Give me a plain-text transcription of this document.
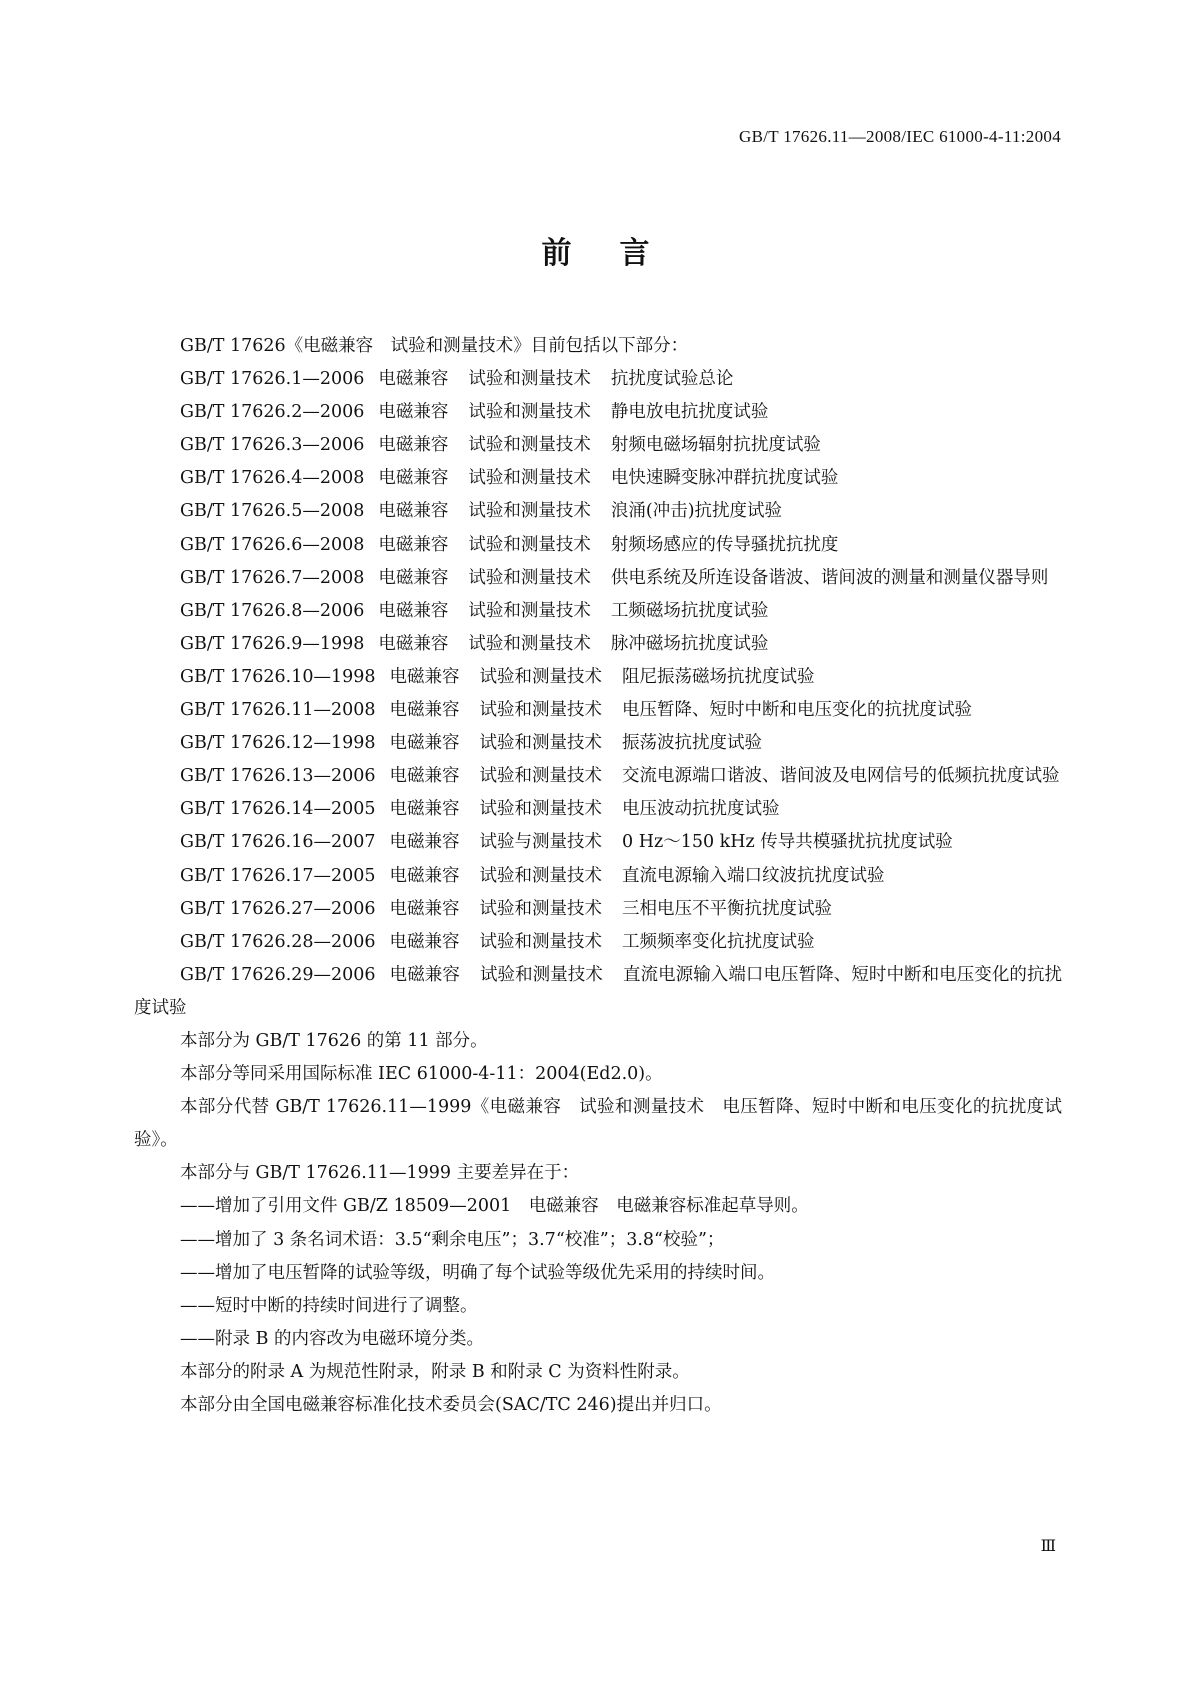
GB/T 17626.11—2008/IEC 61000-4-11:2004
前 言
GB/T 17626《电磁兼容　试验和测量技术》目前包括以下部分：
GB/T 17626.1—2006 电磁兼容 试验和测量技术 抗扰度试验总论
GB/T 17626.2—2006 电磁兼容 试验和测量技术 静电放电抗扰度试验
GB/T 17626.3—2006 电磁兼容 试验和测量技术 射频电磁场辐射抗扰度试验
GB/T 17626.4—2008 电磁兼容 试验和测量技术 电快速瞬变脉冲群抗扰度试验
GB/T 17626.5—2008 电磁兼容 试验和测量技术 浪涌(冲击)抗扰度试验
GB/T 17626.6—2008 电磁兼容 试验和测量技术 射频场感应的传导骚扰抗扰度
GB/T 17626.7—2008 电磁兼容 试验和测量技术 供电系统及所连设备谐波、谐间波的测量和测量仪器导则
GB/T 17626.8—2006 电磁兼容 试验和测量技术 工频磁场抗扰度试验
GB/T 17626.9—1998 电磁兼容 试验和测量技术 脉冲磁场抗扰度试验
GB/T 17626.10—1998 电磁兼容 试验和测量技术 阻尼振荡磁场抗扰度试验
GB/T 17626.11—2008 电磁兼容 试验和测量技术 电压暂降、短时中断和电压变化的抗扰度试验
GB/T 17626.12—1998 电磁兼容 试验和测量技术 振荡波抗扰度试验
GB/T 17626.13—2006 电磁兼容 试验和测量技术 交流电源端口谐波、谐间波及电网信号的低频抗扰度试验
GB/T 17626.14—2005 电磁兼容 试验和测量技术 电压波动抗扰度试验
GB/T 17626.16—2007 电磁兼容 试验与测量技术 0 Hz～150 kHz 传导共模骚扰抗扰度试验
GB/T 17626.17—2005 电磁兼容 试验和测量技术 直流电源输入端口纹波抗扰度试验
GB/T 17626.27—2006 电磁兼容 试验和测量技术 三相电压不平衡抗扰度试验
GB/T 17626.28—2006 电磁兼容 试验和测量技术 工频频率变化抗扰度试验
GB/T 17626.29—2006 电磁兼容 试验和测量技术 直流电源输入端口电压暂降、短时中断和电压变化的抗扰度试验
本部分为 GB/T 17626 的第 11 部分。
本部分等同采用国际标准 IEC 61000-4-11：2004(Ed2.0)。
本部分代替 GB/T 17626.11—1999《电磁兼容　试验和测量技术　电压暂降、短时中断和电压变化的抗扰度试验》。
本部分与 GB/T 17626.11—1999 主要差异在于：
——增加了引用文件 GB/Z 18509—2001　电磁兼容　电磁兼容标准起草导则。
——增加了 3 条名词术语：3.5“剩余电压”；3.7“校准”；3.8“校验”；
——增加了电压暂降的试验等级，明确了每个试验等级优先采用的持续时间。
——短时中断的持续时间进行了调整。
——附录 B 的内容改为电磁环境分类。
本部分的附录 A 为规范性附录，附录 B 和附录 C 为资料性附录。
本部分由全国电磁兼容标准化技术委员会(SAC/TC 246)提出并归口。
Ⅲ
